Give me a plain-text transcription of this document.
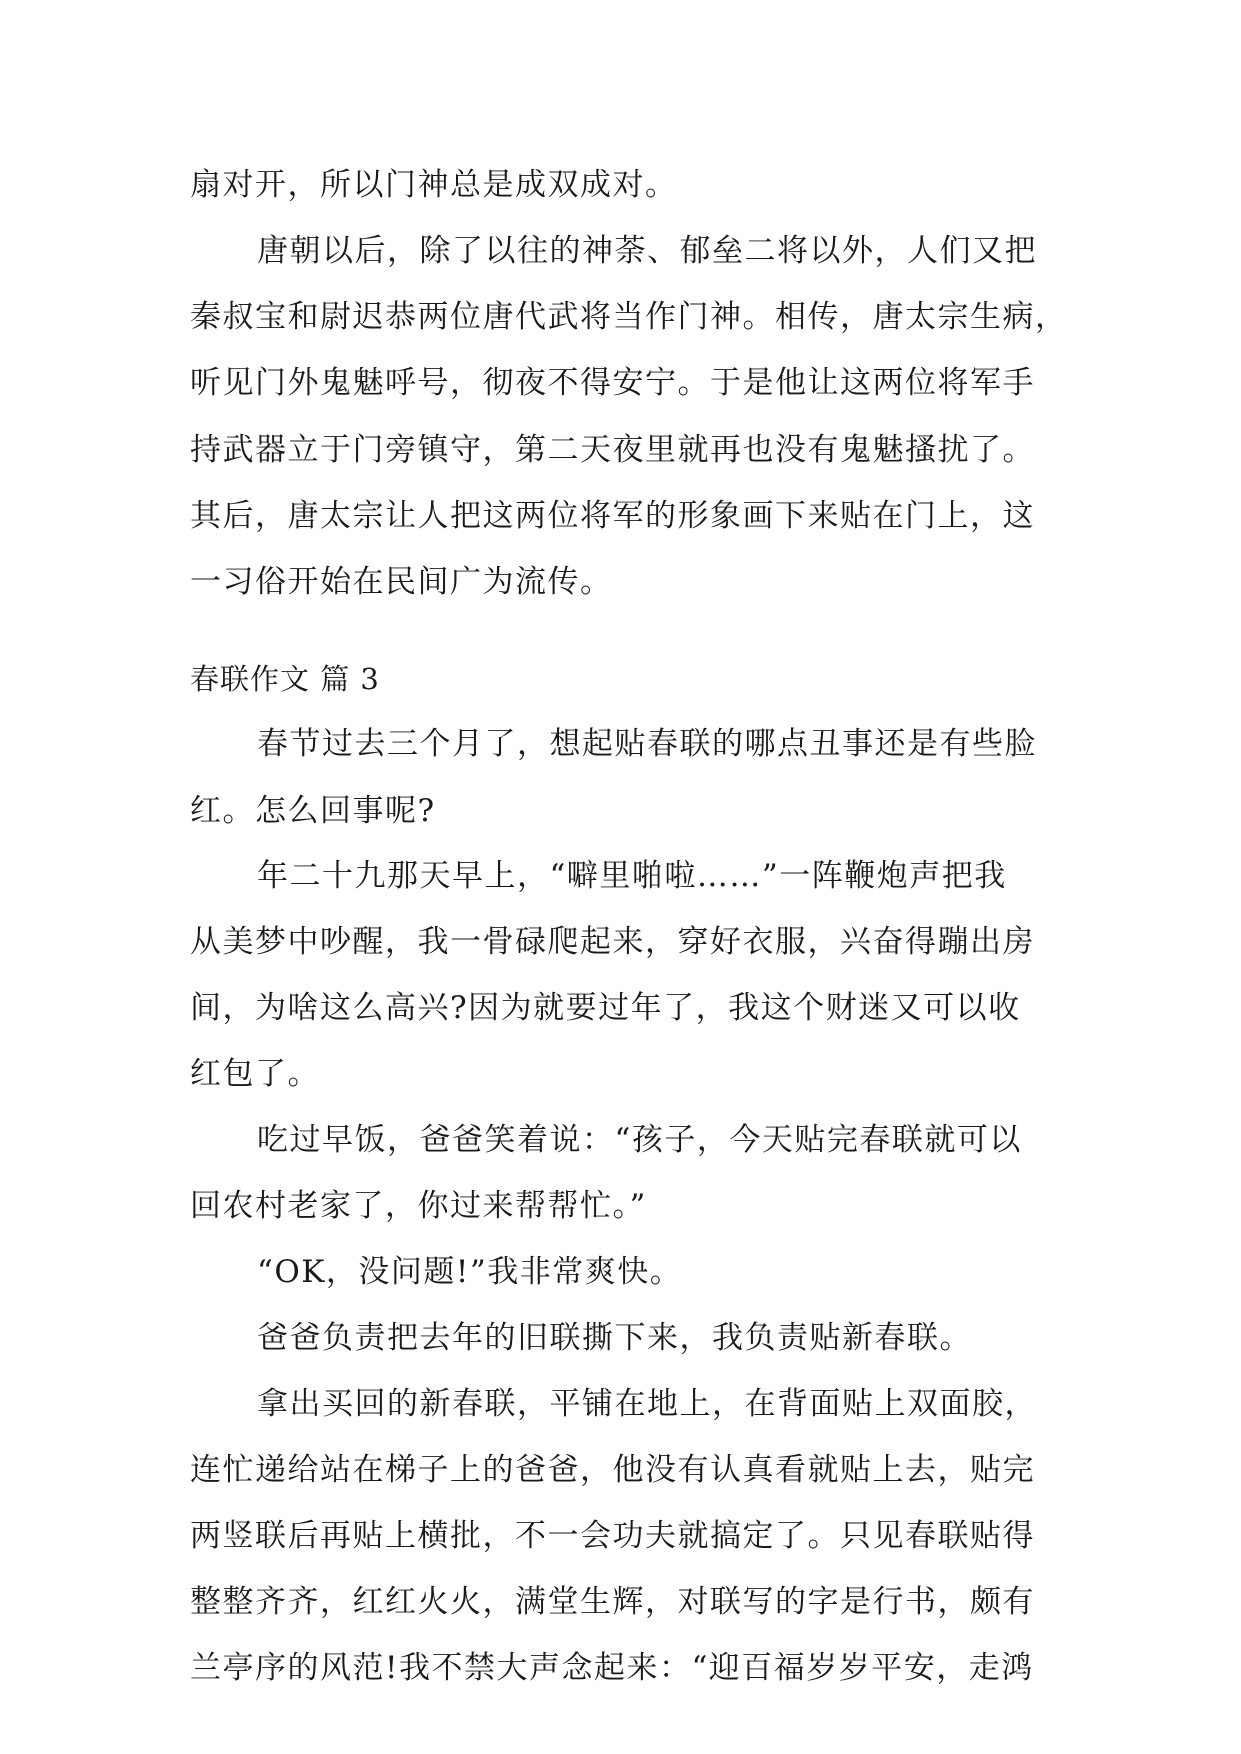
扇对开，所以门神总是成双成对。
唐朝以后，除了以往的神荼、郁垒二将以外，人们又把
秦叔宝和尉迟恭两位唐代武将当作门神。相传，唐太宗生病，
听见门外鬼魅呼号，彻夜不得安宁。于是他让这两位将军手
持武器立于门旁镇守，第二天夜里就再也没有鬼魅搔扰了。
其后，唐太宗让人把这两位将军的形象画下来贴在门上，这
一习俗开始在民间广为流传。
春联作文 篇 3
春节过去三个月了，想起贴春联的哪点丑事还是有些脸
红。怎么回事呢?
年二十九那天早上，“噼里啪啦……”一阵鞭炮声把我
从美梦中吵醒，我一骨碌爬起来，穿好衣服，兴奋得蹦出房
间，为啥这么高兴?因为就要过年了，我这个财迷又可以收
红包了。
吃过早饭，爸爸笑着说：“孩子，今天贴完春联就可以
回农村老家了，你过来帮帮忙。”
“OK，没问题!”我非常爽快。
爸爸负责把去年的旧联撕下来，我负责贴新春联。
拿出买回的新春联，平铺在地上，在背面贴上双面胶，
连忙递给站在梯子上的爸爸，他没有认真看就贴上去，贴完
两竖联后再贴上横批，不一会功夫就搞定了。只见春联贴得
整整齐齐，红红火火，满堂生辉，对联写的字是行书，颇有
兰亭序的风范!我不禁大声念起来：“迎百福岁岁平安，走鸿
